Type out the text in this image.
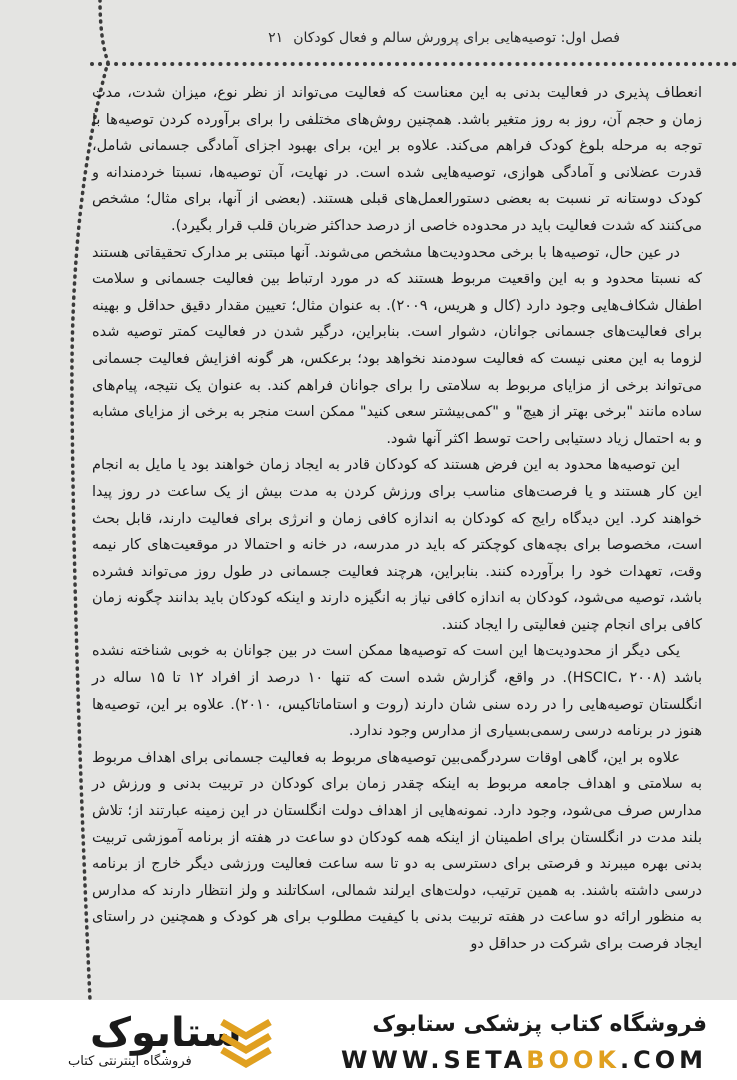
فصل اول: توصیه‌هایی برای پرورش سالم و فعال کودکان
۲۱

انعطاف پذیری در فعالیت بدنی به این معناست که فعالیت می‌تواند از نظر نوع، میزان شدت، مدت زمان و حجم آن، روز به روز متغیر باشد. همچنین روش‌های مختلفی را برای برآورده کردن توصیه‌ها با توجه به مرحله بلوغ کودک فراهم می‌کند. علاوه بر این، برای بهبود اجزای آمادگی جسمانی شامل، قدرت عضلانی و آمادگی هوازی، توصیه‌هایی شده است. در نهایت، آن توصیه‌ها، نسبتا خردمندانه و کودک دوستانه تر نسبت به بعضی دستورالعمل‌های قبلی هستند. (بعضی از آنها، برای مثال؛ مشخص می‌کنند که شدت فعالیت باید در محدوده خاصی از درصد حداکثر ضربان قلب قرار بگیرد).

در عین حال، توصیه‌ها با برخی محدودیت‌ها مشخص می‌شوند. آنها مبتنی بر مدارک تحقیقاتی هستند که نسبتا محدود و به این واقعیت مربوط هستند که در مورد ارتباط بین فعالیت جسمانی و سلامت اطفال شکاف‌هایی وجود دارد (کال و هریس، ۲۰۰۹). به عنوان مثال؛ تعیین مقدار دقیق حداقل و بهینه برای فعالیت‌های جسمانی جوانان، دشوار است. بنابراین، درگیر شدن در فعالیت کمتر توصیه شده لزوما به این معنی نیست که فعالیت سودمند نخواهد بود؛ برعکس، هر گونه افزایش فعالیت جسمانی می‌تواند برخی از مزایای مربوط به سلامتی را برای جوانان فراهم کند. به عنوان یک نتیجه، پیام‌های ساده مانند "برخی بهتر از هیچ" و "کمی‌بیشتر سعی کنید" ممکن است منجر به برخی از مزایای مشابه و به احتمال زیاد دستیابی راحت توسط اکثر آنها شود.

این توصیه‌ها محدود به این فرض هستند که کودکان قادر به ایجاد زمان خواهند بود یا مایل به انجام این کار هستند و یا فرصت‌های مناسب برای ورزش کردن به مدت بیش از یک ساعت در روز پیدا خواهند کرد. این دیدگاه رایج که کودکان به اندازه کافی زمان و انرژی برای فعالیت دارند، قابل بحث است، مخصوصا برای بچه‌های کوچکتر که باید در مدرسه، در خانه و احتمالا در موقعیت‌های کار نیمه وقت، تعهدات خود را برآورده کنند. بنابراین، هرچند فعالیت جسمانی در طول روز می‌تواند فشرده باشد، توصیه می‌شود، کودکان به اندازه کافی نیاز به انگیزه دارند و اینکه کودکان باید بدانند چگونه زمان کافی برای انجام چنین فعالیتی را ایجاد کنند.

یکی دیگر از محدودیت‌ها این است که توصیه‌ها ممکن است در بین جوانان به خوبی شناخته نشده باشد (HSCIC، ۲۰۰۸). در واقع، گزارش شده است که تنها ۱۰ درصد از افراد ۱۲ تا ۱۵ ساله در انگلستان توصیه‌هایی را در رده سنی شان دارند (روت و استاماتاکیس، ۲۰۱۰). علاوه بر این، توصیه‌ها هنوز در برنامه درسی رسمی‌بسیاری از مدارس وجود ندارد.

علاوه بر این، گاهی اوقات سردرگمی‌بین توصیه‌های مربوط به فعالیت جسمانی برای اهداف مربوط به سلامتی و اهداف جامعه مربوط به اینکه چقدر زمان برای کودکان در تربیت بدنی و ورزش در مدارس صرف می‌شود، وجود دارد. نمونه‌هایی از اهداف دولت انگلستان در این زمینه عبارتند از؛ تلاش بلند مدت در انگلستان برای اطمینان از اینکه همه کودکان دو ساعت در هفته از برنامه آموزشی تربیت بدنی بهره میبرند و فرصتی برای دسترسی به دو تا سه ساعت فعالیت ورزشی دیگر خارج از برنامه درسی داشته باشند. به همین ترتیب، دولت‌های ایرلند شمالی، اسکاتلند و ولز انتظار دارند که مدارس به منظور ارائه دو ساعت در هفته تربیت بدنی با کیفیت مطلوب برای هر کودک و همچنین در راستای ایجاد فرصت برای شرکت در حداقل دو

ستابوک
فروشگاه اینترنتی کتاب
فروشگاه کتاب پزشکی ستابوک
WWW.SETABOOK.COM
